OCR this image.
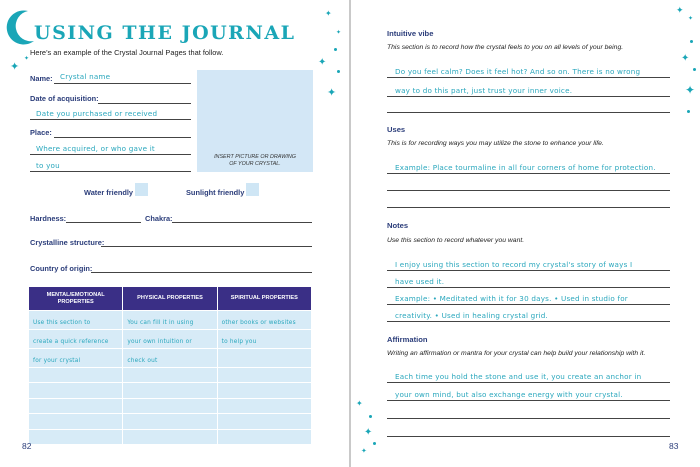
✦
✦
USING THE JOURNAL
Here’s an example of the Crystal Journal Pages that follow.
Name: Crystal name
Date of acquisition:
Date you purchased or received
Place:
Where acquired, or who gave it
to you
INSERT PICTURE OR DRAWING OF YOUR CRYSTAL.
Water friendly	Sunlight friendly
Hardness:	Chakra:
Crystalline structure:
Country of origin:
MENTAL/EMOTIONAL PROPERTIES	PHYSICAL PROPERTIES	SPIRITUAL PROPERTIES
Use this section to	You can fill it in using	other books or websites
create a quick reference	your own intuition or	to help you
for your crystal	check out	

82
Intuitive vibe
This section is to record how the crystal feels to you on all levels of your being.
Do you feel calm? Does it feel hot? And so on. There is no wrong
way to do this part, just trust your inner voice.
Uses
This is for recording ways you may utilize the stone to enhance your life.
Example: Place tourmaline in all four corners of home for protection.
Notes
Use this section to record whatever you want.
I enjoy using this section to record my crystal's story of ways I
have used it.
Example: • Meditated with it for 30 days. • Used in studio for
creativity. • Used in healing crystal grid.
Affirmation
Writing an affirmation or mantra for your crystal can help build your relationship with it.
Each time you hold the stone and use it, you create an anchor in
your own mind, but also exchange energy with your crystal.
83
✦
✦
✦
✦
✦
✦
✦
✦
✦
✦
✦
